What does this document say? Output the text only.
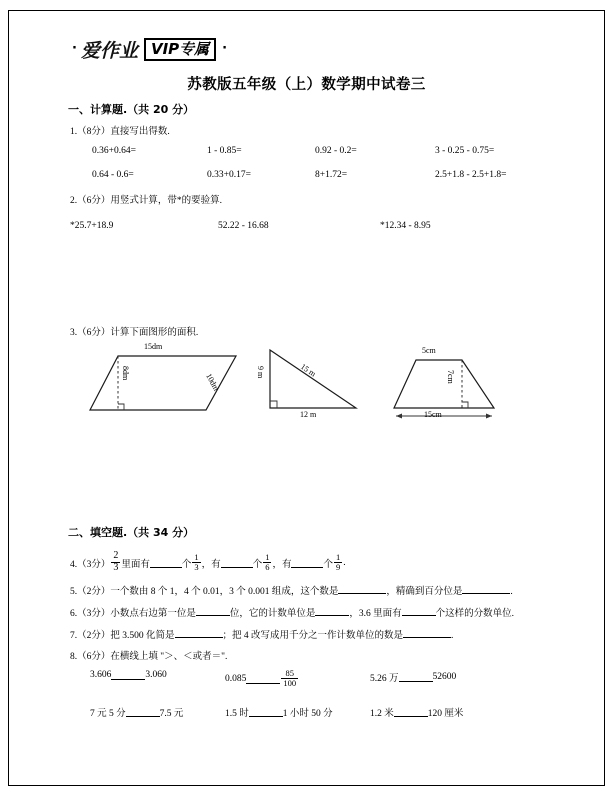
· 爱作业 VIP专属	·
苏教版五年级（上）数学期中试卷三
一、计算题.（共 20 分）
1.（8分）直接写出得数.
0.36+0.64=	1 - 0.85=	0.92 - 0.2=	3 - 0.25 - 0.75=
0.64 - 0.6=	0.33+0.17=	8+1.72=	2.5+1.8 - 2.5+1.8=
2.（6分）用竖式计算，带*的要验算.
*25.7+18.9	52.22 - 16.68	*12.34 - 8.95
3.（6分）计算下面图形的面积.
15dm
8dm	10dm	9 m	15 m
12 m
5cm
7cm
15cm
二、填空题.（共 34 分）
4.（3分） $\frac{2}{3}$ 里面有	个 $\frac{1}{3}$ ，有	个 $\frac{1}{6}$ ，有	个 $\frac{1}{9}$ .
5.（2分）一个数由 8 个 1，4 个 0.01，3 个 0.001 组成，这个数是	，精确到百分位是	.
6.（3分）小数点右边第一位是	位，它的计数单位是	，3.6 里面有	个这样的分数单位.
7.（2分）把 3.500 化简是	；把 4 改写成用千分之一作计数单位的数是	.
8.（6分）在横线上填 "＞、＜或者＝".
3.606	3.060	0.085	$\frac{85}{100}$	5.26 万	52600
7 元 5 分	7.5 元	1.5 时	1 小时 50 分	1.2 米	120 厘米
